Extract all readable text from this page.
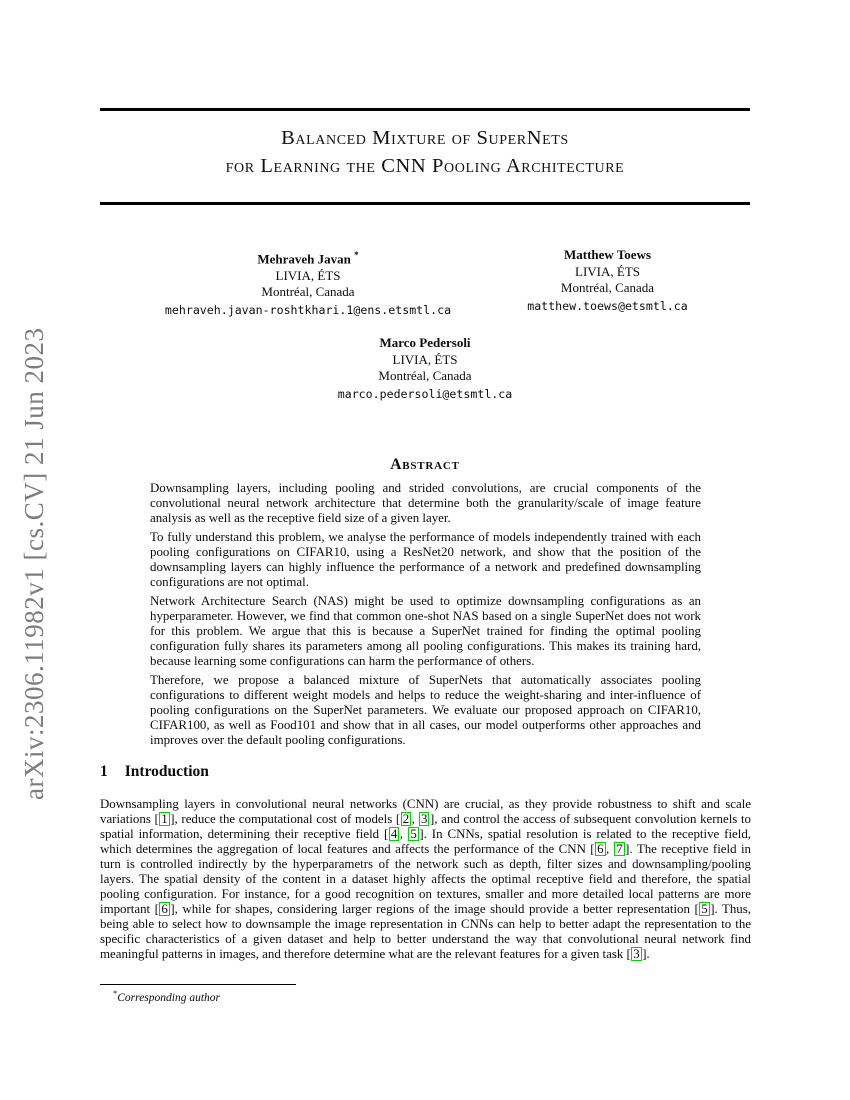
arXiv:2306.11982v1 [cs.CV] 21 Jun 2023
Balanced Mixture of SuperNets
for Learning the CNN Pooling Architecture
Mehraveh Javan *
LIVIA, ÉTS
Montréal, Canada
mehraveh.javan-roshtkhari.1@ens.etsmtl.ca
Matthew Toews
LIVIA, ÉTS
Montréal, Canada
matthew.toews@etsmtl.ca
Marco Pedersoli
LIVIA, ÉTS
Montréal, Canada
marco.pedersoli@etsmtl.ca
Abstract

Downsampling layers, including pooling and strided convolutions, are crucial components of the convolutional neural network architecture that determine both the granularity/scale of image feature analysis as well as the receptive field size of a given layer.

To fully understand this problem, we analyse the performance of models independently trained with each pooling configurations on CIFAR10, using a ResNet20 network, and show that the position of the downsampling layers can highly influence the performance of a network and predefined downsampling configurations are not optimal.

Network Architecture Search (NAS) might be used to optimize downsampling configurations as an hyperparameter. However, we find that common one-shot NAS based on a single SuperNet does not work for this problem. We argue that this is because a SuperNet trained for finding the optimal pooling configuration fully shares its parameters among all pooling configurations. This makes its training hard, because learning some configurations can harm the performance of others.

Therefore, we propose a balanced mixture of SuperNets that automatically associates pooling configurations to different weight models and helps to reduce the weight-sharing and inter-influence of pooling configurations on the SuperNet parameters. We evaluate our proposed approach on CIFAR10, CIFAR100, as well as Food101 and show that in all cases, our model outperforms other approaches and improves over the default pooling configurations.

1 Introduction
Downsampling layers in convolutional neural networks (CNN) are crucial, as they provide robustness to shift and scale variations [ 1 ], reduce the computational cost of models [ 2 , 3 ], and control the access of subsequent convolution kernels to spatial information, determining their receptive field [ 4 , 5 ]. In CNNs, spatial resolution is related to the receptive field, which determines the aggregation of local features and affects the performance of the CNN [ 6 , 7 ]. The receptive field in turn is controlled indirectly by the hyperparametrs of the network such as depth, filter sizes and downsampling/pooling layers. The spatial density of the content in a dataset highly affects the optimal receptive field and therefore, the spatial pooling configuration. For instance, for a good recognition on textures, smaller and more detailed local patterns are more important [ 6 ], while for shapes, considering larger regions of the image should provide a better representation [ 5 ]. Thus, being able to select how to downsample the image representation in CNNs can help to better adapt the representation to the specific characteristics of a given dataset and help to better understand the way that convolutional neural network find meaningful patterns in images, and therefore determine what are the relevant features for a given task [ 3 ].
*Corresponding author
